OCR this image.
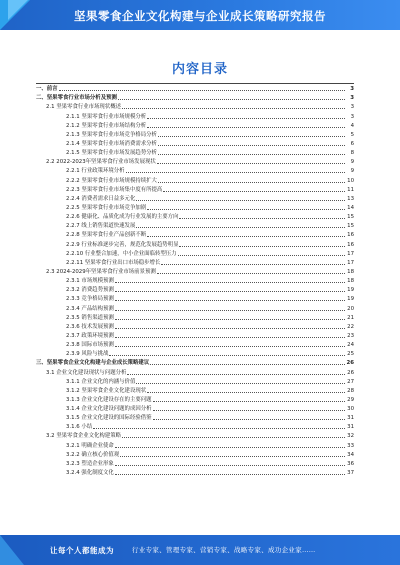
坚果零食企业文化构建与企业成长策略研究报告
内容目录
一、前言	3
二、坚果零食行业市场分析及预测	3
2.1 坚果零食行业市场现状概述	3
2.1.1 坚果零食行业市场规模分析	3
2.1.2 坚果零食行业市场结构分析	4
2.1.3 坚果零食行业市场竞争格局分析	5
2.1.4 坚果零食行业市场消费需求分析	6
2.1.5 坚果零食行业市场发展趋势分析	8
2.2 2022-2023年坚果零食行业市场发展现状	9
2.2.1 行业政策环境分析	9
2.2.2 坚果零食行业市场规模持续扩大	10
2.2.3 坚果零食行业市场集中度有所提高	11
2.2.4 消费者需求日益多元化	13
2.2.5 坚果零食行业市场竞争加剧	14
2.2.6 健康化、品质化成为行业发展的主要方向	15
2.2.7 线上销售渠道快速发展	15
2.2.8 坚果零食行业产品创新不断	16
2.2.9 行业标准逐步完善，规范化发展趋势明显	16
2.2.10 行业整合加速，中小企业面临转型压力	17
2.2.11 坚果零食行业出口市场稳步增长	17
2.3 2024-2029年坚果零食行业市场前景预测	18
2.3.1 市场规模预测	18
2.3.2 消费趋势预测	19
2.3.3 竞争格局预测	19
2.3.4 产品结构预测	20
2.3.5 销售渠道预测	21
2.3.6 技术发展预测	22
2.3.7 政策环境预测	23
2.3.8 国际市场预测	24
2.3.9 风险与挑战	25
三、坚果零食企业文化构建与企业成长策略建议	26
3.1 企业文化建设现状与问题分析	26
3.1.1 企业文化的内涵与价值	27
3.1.2 坚果零食企业文化建设现状	28
3.1.3 企业文化建设存在的主要问题	29
3.1.4 企业文化建设问题的成因分析	30
3.1.5 企业文化建设的国际经验借鉴	31
3.1.6 小结	31
3.2 坚果零食企业文化构建策略	32
3.2.1 明确企业使命	33
3.2.2 确立核心价值观	34
3.2.3 塑造企业形象	36
3.2.4 强化制度文化	37
让每个人都能成为	行业专家、管理专家、营销专家、战略专家、成功企业家……
